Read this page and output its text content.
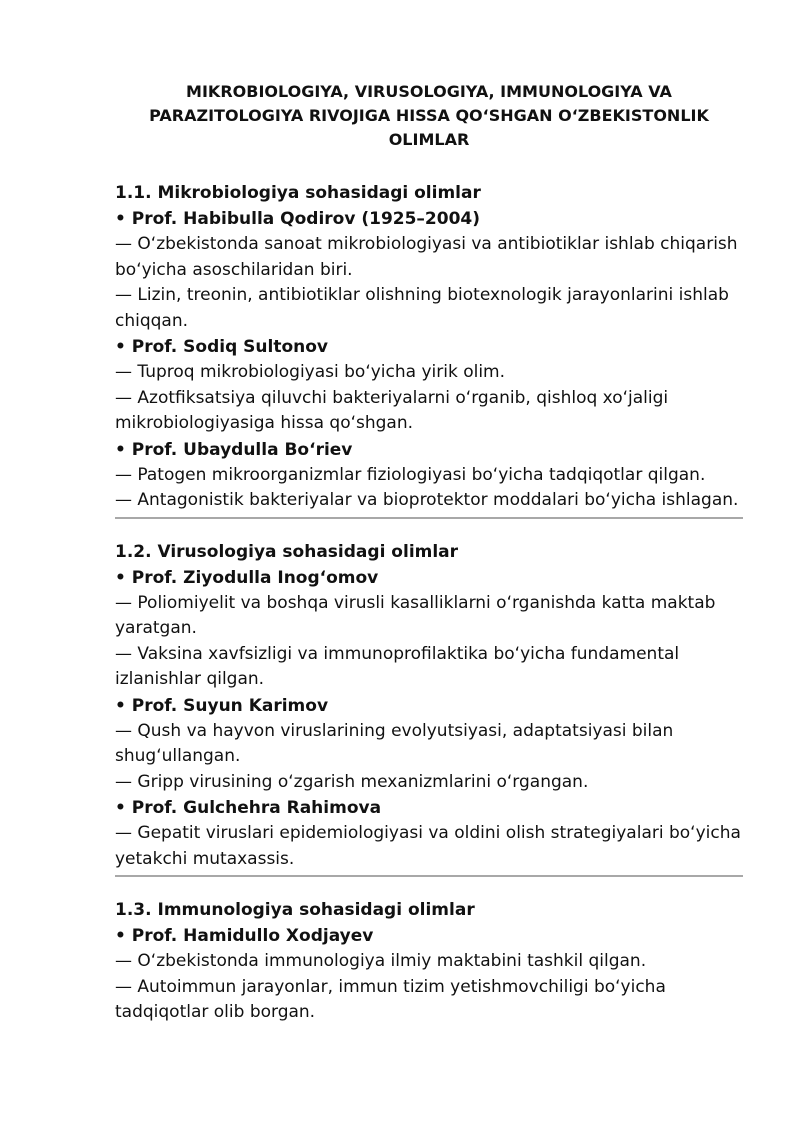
MIKROBIOLOGIYA, VIRUSOLOGIYA, IMMUNOLOGIYA VA
PARAZITOLOGIYA RIVOJIGA HISSA QO‘SHGAN O‘ZBEKISTONLIK
OLIMLAR
1.1. Mikrobiologiya sohasidagi olimlar
• Prof. Habibulla Qodirov (1925–2004)
— O‘zbekistonda sanoat mikrobiologiyasi va antibiotiklar ishlab chiqarish bo‘yicha asoschilaridan biri.
— Lizin, treonin, antibiotiklar olishning biotexnologik jarayonlarini ishlab chiqqan.
• Prof. Sodiq Sultonov
— Tuproq mikrobiologiyasi bo‘yicha yirik olim.
— Azotfiksatsiya qiluvchi bakteriyalarni o‘rganib, qishloq xo‘jaligi mikrobiologiyasiga hissa qo‘shgan.
• Prof. Ubaydulla Bo‘riev
— Patogen mikroorganizmlar fiziologiyasi bo‘yicha tadqiqotlar qilgan.
— Antagonistik bakteriyalar va bioprotektor moddalari bo‘yicha ishlagan.
1.2. Virusologiya sohasidagi olimlar
• Prof. Ziyodulla Inog‘omov
— Poliomiyelit va boshqa virusli kasalliklarni o‘rganishda katta maktab yaratgan.
— Vaksina xavfsizligi va immunoprofilaktika bo‘yicha fundamental izlanishlar qilgan.
• Prof. Suyun Karimov
— Qush va hayvon viruslarining evolyutsiyasi, adaptatsiyasi bilan shug‘ullangan.
— Gripp virusining o‘zgarish mexanizmlarini o‘rgangan.
• Prof. Gulchehra Rahimova
— Gepatit viruslari epidemiologiyasi va oldini olish strategiyalari bo‘yicha yetakchi mutaxassis.
1.3. Immunologiya sohasidagi olimlar
• Prof. Hamidullo Xodjayev
— O‘zbekistonda immunologiya ilmiy maktabini tashkil qilgan.
— Autoimmun jarayonlar, immun tizim yetishmovchiligi bo‘yicha tadqiqotlar olib borgan.
